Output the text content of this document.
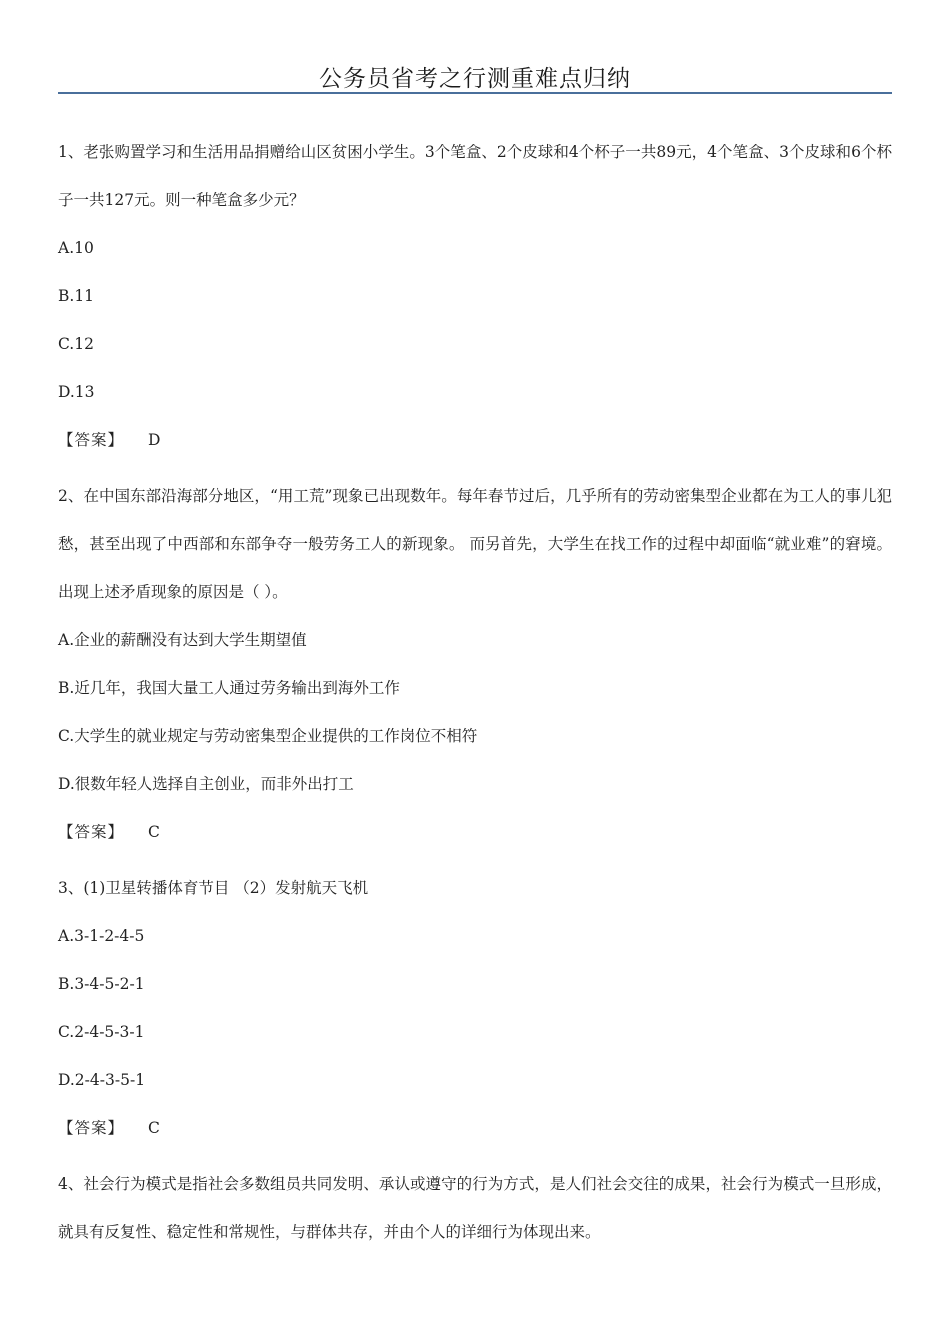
公务员省考之行测重难点归纳

1、老张购置学习和生活用品捐赠给山区贫困小学生。3个笔盒、2个皮球和4个杯子一共89元，4个笔盒、3个皮球和6个杯子一共127元。则一种笔盒多少元？

A.10

B.11

C.12

D.13

【答案】 D

2、在中国东部沿海部分地区，“用工荒”现象已出现数年。每年春节过后，几乎所有的劳动密集型企业都在为工人的事儿犯愁，甚至出现了中西部和东部争夺一般劳务工人的新现象。 而另首先，大学生在找工作的过程中却面临“就业难”的窘境。出现上述矛盾现象的原因是（ ）。

A.企业的薪酬没有达到大学生期望值

B.近几年，我国大量工人通过劳务输出到海外工作

C.大学生的就业规定与劳动密集型企业提供的工作岗位不相符

D.很数年轻人选择自主创业，而非外出打工

【答案】 C

3、(1)卫星转播体育节目 （2）发射航天飞机

A.3-1-2-4-5

B.3-4-5-2-1

C.2-4-5-3-1

D.2-4-3-5-1

【答案】 C

4、社会行为模式是指社会多数组员共同发明、承认或遵守的行为方式，是人们社会交往的成果，社会行为模式一旦形成，就具有反复性、稳定性和常规性，与群体共存，并由个人的详细行为体现出来。
